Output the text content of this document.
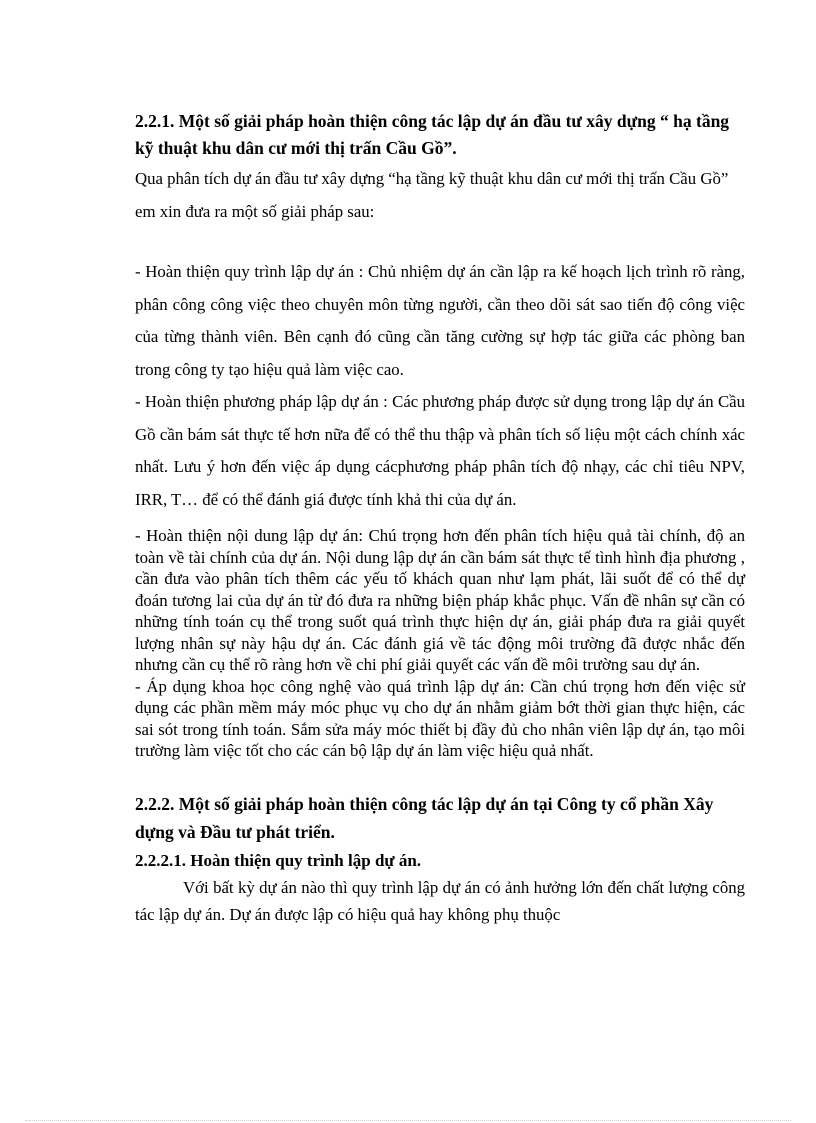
2.2.1. Một số giải pháp hoàn thiện công tác lập dự án đầu tư xây dựng “ hạ tầng kỹ thuật khu dân cư mới thị trấn Cầu Gồ”.

Qua phân tích dự án đầu tư xây dựng “hạ tầng kỹ thuật khu dân cư mới thị trấn Cầu Gồ” em xin đưa ra một số giải pháp sau:

- Hoàn thiện quy trình lập dự án : Chủ nhiệm dự án cần lập ra kế hoạch lịch trình rõ ràng, phân công công việc theo chuyên môn từng người, cần theo dõi sát sao tiến độ công việc của từng thành viên. Bên cạnh đó cũng cần tăng cường sự hợp tác giữa các phòng ban trong công ty tạo hiệu quả làm việc cao.

- Hoàn thiện phương pháp lập dự án : Các phương pháp được sử dụng trong lập dự án Cầu Gồ cần bám sát thực tế hơn nữa để có thể thu thập và phân tích số liệu một cách chính xác nhất. Lưu ý hơn đến việc áp dụng cácphương pháp phân tích độ nhạy, các chỉ tiêu NPV, IRR, T… để có thể đánh giá được tính khả thi của dự án.

- Hoàn thiện nội dung lập dự án: Chú trọng hơn đến phân tích hiệu quả tài chính, độ an toàn về tài chính của dự án. Nội dung lập dự án cần bám sát thực tế tình hình địa phương , cần đưa vào phân tích thêm các yếu tố khách quan như lạm phát, lãi suốt để có thể dự đoán tương lai của dự án từ đó đưa ra những biện pháp khắc phục. Vấn đề nhân sự cần có những tính toán cụ thể trong suốt quá trình thực hiện dự án, giải pháp đưa ra giải quyết lượng nhân sự này hậu dự án. Các đánh giá về tác động môi trường đã được nhắc đến nhưng cần cụ thể rõ ràng hơn về chi phí giải quyết các vấn đề môi trường sau dự án.

- Áp dụng khoa học công nghệ vào quá trình lập dự án: Cần chú trọng hơn đến việc sử dụng các phần mềm máy móc phục vụ cho dự án nhằm giảm bớt thời gian thực hiện, các sai sót trong tính toán. Sắm sửa máy móc thiết bị đầy đủ cho nhân viên lập dự án, tạo môi trường làm việc tốt cho các cán bộ lập dự án làm việc hiệu quả nhất.

2.2.2. Một số giải pháp hoàn thiện công tác lập dự án tại Công ty cổ phần Xây dựng và Đầu tư phát triển.

2.2.2.1. Hoàn thiện quy trình lập dự án.

Với bất kỳ dự án nào thì quy trình lập dự án có ảnh hưởng lớn đến chất lượng công tác lập dự án. Dự án được lập có hiệu quả hay không phụ thuộc
